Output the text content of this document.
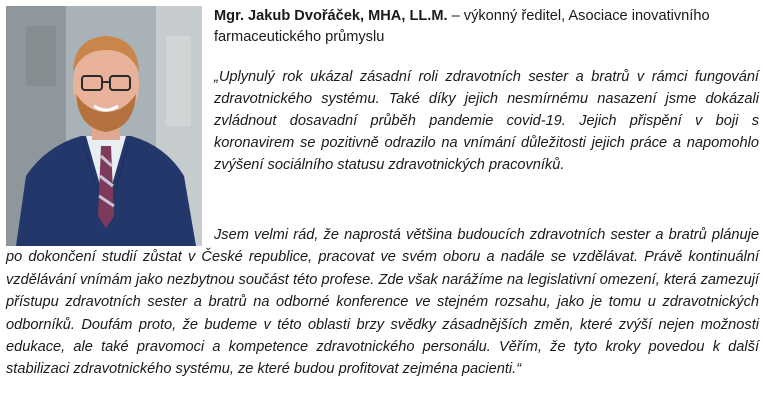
Mgr. Jakub Dvořáček, MHA, LL.M. – výkonný ředitel, Asociace inovativního farmaceutického průmyslu

„Uplynulý rok ukázal zásadní roli zdravotních sester a bratrů v rámci fungování zdravotnického systému. Také díky jejich nesmírnému nasazení jsme dokázali zvládnout dosavadní průběh pandemie covid-19. Jejich přispění v boji s koronavirem se pozitivně odrazilo na vnímání důležitosti jejich práce a napomohlo zvýšení sociálního statusu zdravotnických pracovníků.

Jsem velmi rád, že naprostá většina budoucích zdravotních sester a bratrů plánuje po dokončení studií zůstat v České republice, pracovat ve svém oboru a nadále se vzdělávat. Právě kontinuální vzdělávání vnímám jako nezbytnou součást této profese. Zde však narážíme na legislativní omezení, která zamezují přístupu zdravotních sester a bratrů na odborné konference ve stejném rozsahu, jako je tomu u zdravotnických odborníků. Doufám proto, že budeme v této oblasti brzy svědky zásadnějších změn, které zvýší nejen možnosti edukace, ale také pravomoci a kompetence zdravotnického personálu. Věřím, že tyto kroky povedou k další stabilizaci zdravotnického systému, ze které budou profitovat zejména pacienti.“
